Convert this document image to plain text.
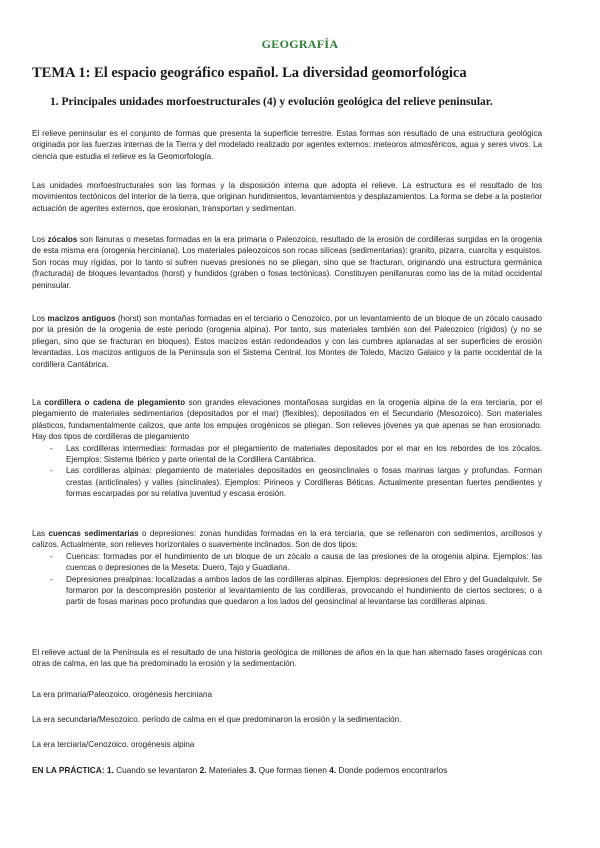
GEOGRAFÍA
TEMA 1: El espacio geográfico español. La diversidad geomorfológica
1. Principales unidades morfoestructurales (4) y evolución geológica del relieve peninsular.

El relieve peninsular es el conjunto de formas que presenta la superficie terrestre. Estas formas son resultado de una estructura geológica originada por las fuerzas internas de la Tierra y del modelado realizado por agentes externos: meteoros atmosféricos, agua y seres vivos. La ciencia que estudia el relieve es la Geomorfología.

Las unidades morfoestructurales son las formas y la disposición interna que adopta el relieve. La estructura es el resultado de los movimientos tectónicos del interior de la tierra, que originan hundimientos, levantamientos y desplazamientos. La forma se debe a la posterior actuación de agentes externos, que erosionan, transportan y sedimentan.

Los zócalos son llanuras o mesetas formadas en la era primaria o Paleozoico, resultado de la erosión de cordilleras surgidas en la orogenia de esta misma era (orogenia herciniana). Los materiales paleozoicos son rocas silíceas (sedimentarias): granito, pizarra, cuarcita y esquistos. Son rocas muy rígidas, por lo tanto si sufren nuevas presiones no se pliegan, sino que se fracturan, originando una estructura germánica (fracturada) de bloques levantados (horst) y hundidos (graben o fosas tectónicas). Constituyen penillanuras como las de la mitad occidental peninsular.

Los macizos antiguos (horst) son montañas formadas en el terciario o Cenozoico, por un levantamiento de un bloque de un zócalo causado por la presión de la orogenia de este periodo (orogenia alpina). Por tanto, sus materiales también son del Paleozoico (rígidos) (y no se pliegan, sino que se fracturan en bloques). Estos macizos están redondeados y con las cumbres aplanadas al ser superficies de erosión levantadas. Los macizos antiguos de la Península son el Sistema Central, los Montes de Toledo, Macizo Galaico y la parte occidental de la cordillera Cantábrica.

La cordillera o cadena de plegamiento son grandes elevaciones montañosas surgidas en la orogenia alpina de la era terciaria, por el plegamiento de materiales sedimentarios (depositados por el mar) (flexibles), depositados en el Secundario (Mesozoico). Son materiales plásticos, fundamentalmente calizos, que ante los empujes orogénicos se pliegan. Son relieves jóvenes ya que apenas se han erosionado. Hay dos tipos de cordilleras de plegamiento

- Las cordilleras intermedias: formadas por el plegamiento de materiales depositados por el mar en los rebordes de los zócalos. Ejemplos: Sistema Ibérico y parte oriental de la Cordillera Cantábrica.
- Las cordilleras alpinas: plegamiento de materiales depositados en geosinclinales o fosas marinas largas y profundas. Forman crestas (anticlinales) y valles (sinclinales). Ejemplos: Pirineos y Cordilleras Béticas. Actualmente presentan fuertes pendientes y formas escarpadas por su relativa juventud y escasa erosión.

Las cuencas sedimentarias o depresiones: zonas hundidas formadas en la era terciaria, que se rellenaron con sedimentos, arcillosos y calizos. Actualmente, son relieves horizontales o suavemente inclinados. Son de dos tipos:

- Cuencas: formadas por el hundimiento de un bloque de un zócalo a causa de las presiones de la orogenia alpina. Ejemplos: las cuencas o depresiones de la Meseta: Duero, Tajo y Guadiana.
- Depresiones prealpinas: localizadas a ambos lados de las cordilleras alpinas. Ejemplos: depresiones del Ebro y del Guadalquivir. Se formaron por la descompresión posterior al levantamiento de las cordilleras, provocando el hundimiento de ciertos sectores; o a partir de fosas marinas poco profundas que quedaron a los lados del geosinclinal al levantarse las cordilleras alpinas.

El relieve actual de la Península es el resultado de una historia geológica de millones de años en la que han alternado fases orogénicas con otras de calma, en las que ha predominado la erosión y la sedimentación.

La era primaria/Paleozoico. orogénesis herciniana
La era secundaria/Mesozoico. período de calma en el que predominaron la erosión y la sedimentación.
La era terciaria/Cenozoico. orogénesis alpina
EN LA PRÁCTICA: 1. Cuando se levantaron 2. Materiales 3. Que formas tienen 4. Donde podemos encontrarlos
